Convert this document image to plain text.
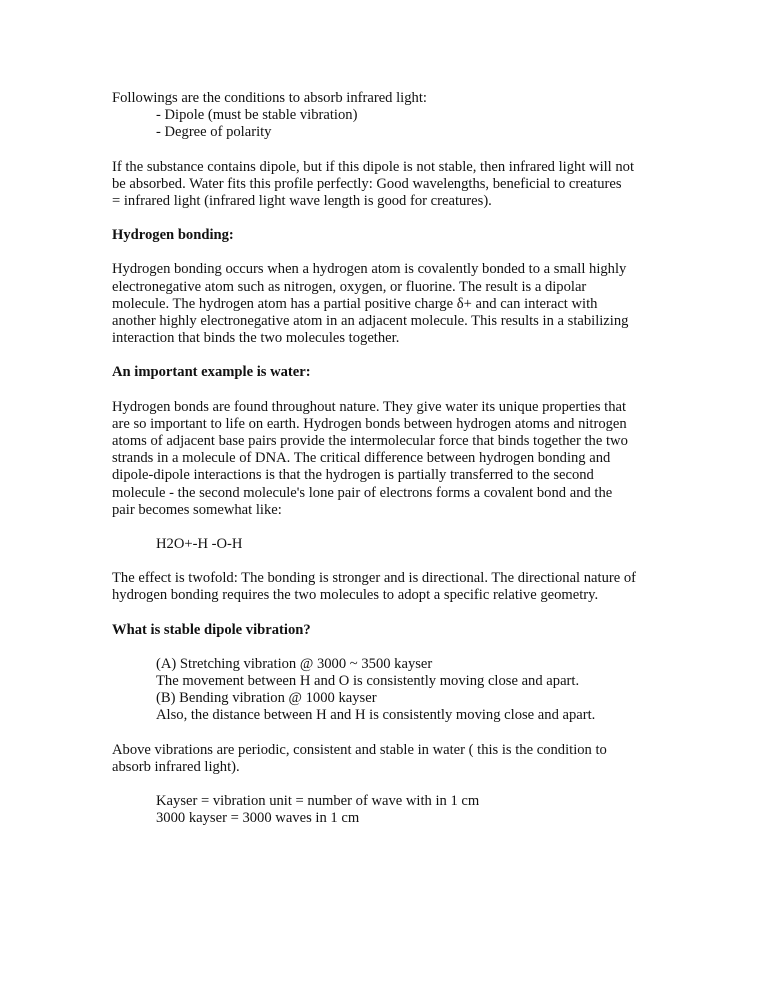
Followings are the conditions to absorb infrared light:
- Dipole (must be stable vibration)
- Degree of polarity

If the substance contains dipole, but if this dipole is not stable, then infrared light will not
be absorbed. Water fits this profile perfectly: Good wavelengths, beneficial to creatures
= infrared light (infrared light wave length is good for creatures).

Hydrogen bonding:

Hydrogen bonding occurs when a hydrogen atom is covalently bonded to a small highly
electronegative atom such as nitrogen, oxygen, or fluorine. The result is a dipolar
molecule. The hydrogen atom has a partial positive charge δ+ and can interact with
another highly electronegative atom in an adjacent molecule. This results in a stabilizing
interaction that binds the two molecules together.

An important example is water:

Hydrogen bonds are found throughout nature. They give water its unique properties that
are so important to life on earth. Hydrogen bonds between hydrogen atoms and nitrogen
atoms of adjacent base pairs provide the intermolecular force that binds together the two
strands in a molecule of DNA. The critical difference between hydrogen bonding and
dipole-dipole interactions is that the hydrogen is partially transferred to the second
molecule - the second molecule's lone pair of electrons forms a covalent bond and the
pair becomes somewhat like:

H2O+-H -O-H

The effect is twofold: The bonding is stronger and is directional. The directional nature of
hydrogen bonding requires the two molecules to adopt a specific relative geometry.

What is stable dipole vibration?

(A) Stretching vibration @ 3000 ~ 3500 kayser
The movement between H and O is consistently moving close and apart.
(B) Bending vibration @ 1000 kayser
Also, the distance between H and H is consistently moving close and apart.

Above vibrations are periodic, consistent and stable in water ( this is the condition to
absorb infrared light).

Kayser = vibration unit = number of wave with in 1 cm
3000 kayser = 3000 waves in 1 cm
